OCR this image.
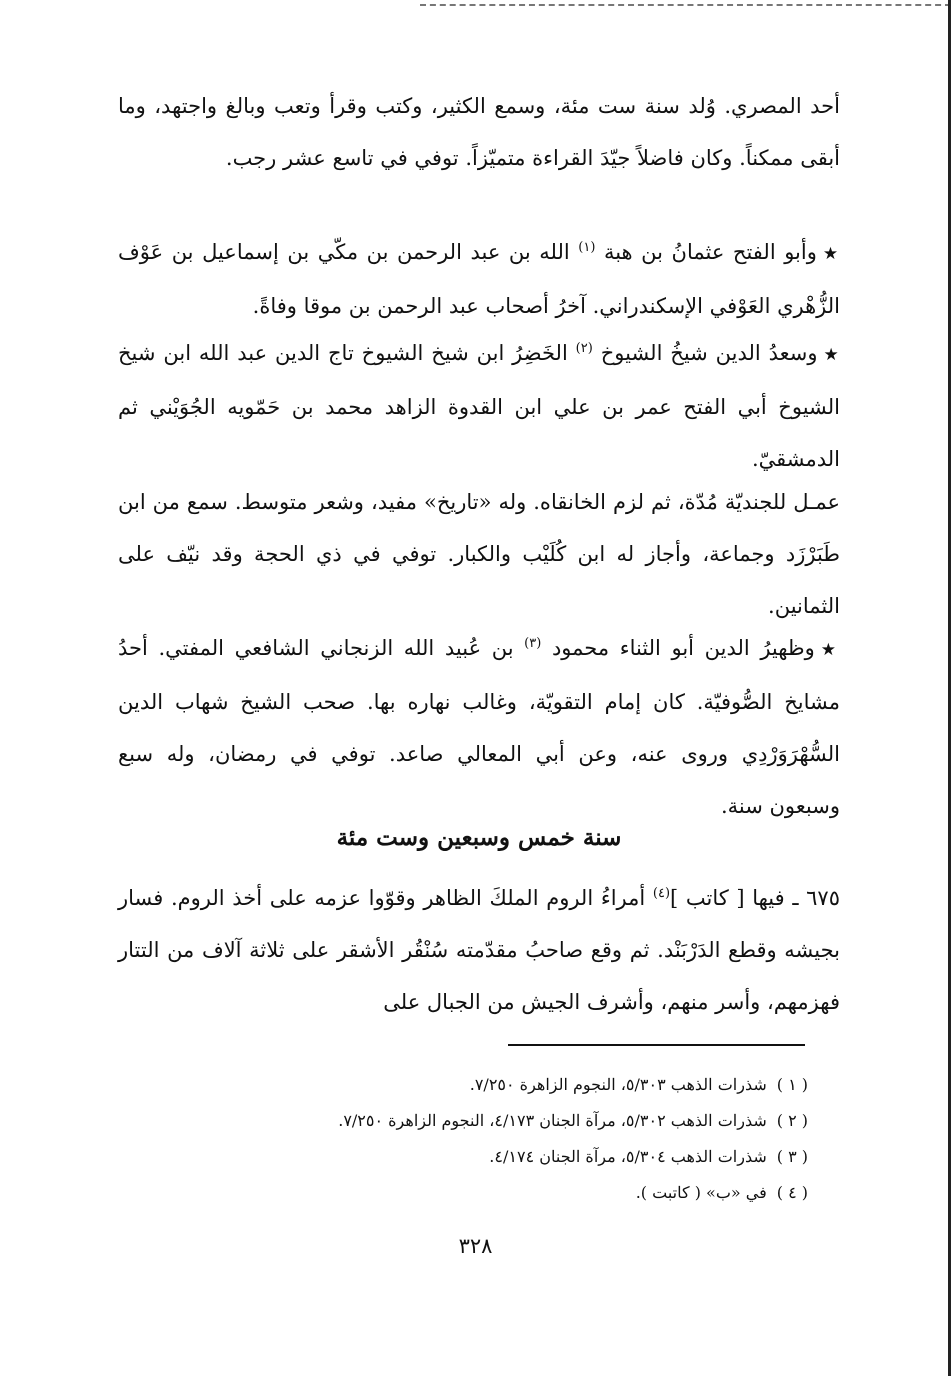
أحد المصري. وُلد سنة ست مئة، وسمع الكثير، وكتب وقرأ وتعب وبالغ واجتهد، وما أبقى ممكناً. وكان فاضلاً جيّدَ القراءة متميّزاً. توفي في تاسع عشر رجب.

★وأبو الفتح عثمانُ بن هبة $^{(١)}$ الله بن عبد الرحمن بن مكّي بن إسماعيل بن عَوْف الزُّهْري العَوْفي الإسكندراني. آخرُ أصحاب عبد الرحمن بن موقا وفاةً.

★وسعدُ الدين شيخُ الشيوخ $^{(٢)}$ الخَضِرُ ابن شيخ الشيوخ تاج الدين عبد الله ابن شيخ الشيوخ أبي الفتح عمر بن علي ابن القدوة الزاهد محمد بن حَمّويه الجُوَيْني ثم الدمشقيّ.

عمـل للجنديّة مُدّة، ثم لزم الخانقاه. وله «تاريخ» مفيد، وشعر متوسط. سمع من ابن طَبَرْزَد وجماعة، وأجاز له ابن كُلَيْب والكبار. توفي في ذي الحجة وقد نيّف على الثمانين.

★وظهيرُ الدين أبو الثناء محمود $^{(٣)}$ بن عُبيد الله الزنجاني الشافعي المفتي. أحدُ مشايخ الصُّوفيّة. كان إمام التقويّة، وغالب نهاره بها. صحب الشيخ شهاب الدين السُّهْرَوَرْدِي وروى عنه، وعن أبي المعالي صاعد. توفي في رمضان، وله سبع وسبعون سنة.

سنة خمس وسبعين وست مئة

٦٧٥ ـ فيها [ كاتب ]$^{(٤)}$ أمراءُ الروم الملكَ الظاهر وقوّوا عزمه على أخذ الروم. فسار بجيشه وقطع الدَرْبَنْد. ثم وقع صاحبُ مقدّمته سُنْقُر الأشقر على ثلاثة آلاف من التتار فهزمهم، وأسر منهم، وأشرف الجيش من الجبال على

( ١ )شذرات الذهب ٥/٣٠٣، النجوم الزاهرة ٧/٢٥٠.
( ٢ )شذرات الذهب ٥/٣٠٢، مرآة الجنان ٤/١٧٣، النجوم الزاهرة ٧/٢٥٠.
( ٣ )شذرات الذهب ٥/٣٠٤، مرآة الجنان ٤/١٧٤.
( ٤ )في «ب» ( كاتبت ).
٣٢٨
